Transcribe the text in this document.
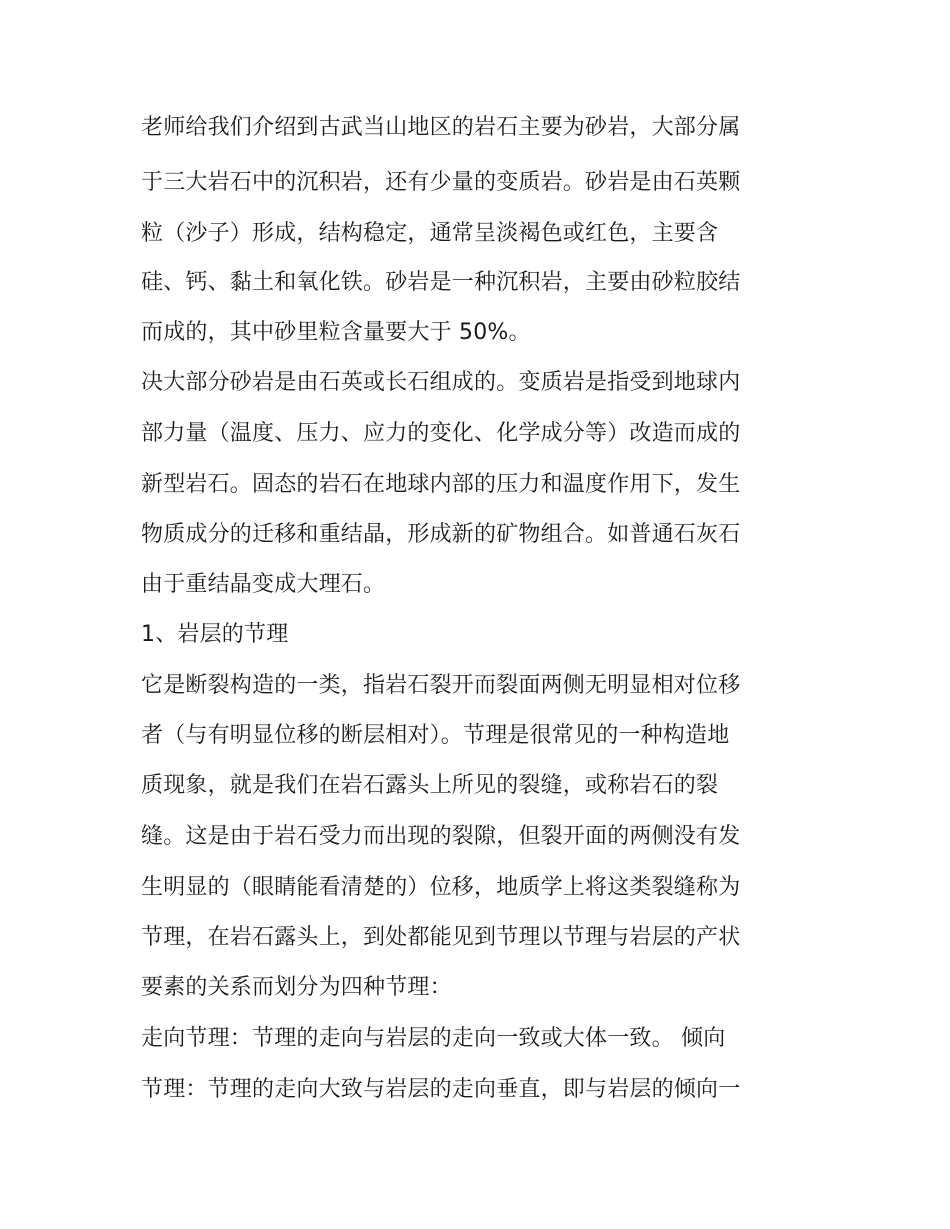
老师给我们介绍到古武当山地区的岩石主要为砂岩，大部分属
于三大岩石中的沉积岩，还有少量的变质岩。砂岩是由石英颗
粒（沙子）形成，结构稳定，通常呈淡褐色或红色，主要含
硅、钙、黏土和氧化铁。砂岩是一种沉积岩，主要由砂粒胶结
而成的，其中砂里粒含量要大于 50%。
决大部分砂岩是由石英或长石组成的。变质岩是指受到地球内
部力量（温度、压力、应力的变化、化学成分等）改造而成的
新型岩石。固态的岩石在地球内部的压力和温度作用下，发生
物质成分的迁移和重结晶，形成新的矿物组合。如普通石灰石
由于重结晶变成大理石。
1、岩层的节理
它是断裂构造的一类，指岩石裂开而裂面两侧无明显相对位移
者（与有明显位移的断层相对）。节理是很常见的一种构造地
质现象，就是我们在岩石露头上所见的裂缝，或称岩石的裂
缝。这是由于岩石受力而出现的裂隙，但裂开面的两侧没有发
生明显的（眼睛能看清楚的）位移，地质学上将这类裂缝称为
节理，在岩石露头上，到处都能见到节理以节理与岩层的产状
要素的关系而划分为四种节理：
走向节理：节理的走向与岩层的走向一致或大体一致。 倾向
节理：节理的走向大致与岩层的走向垂直，即与岩层的倾向一
